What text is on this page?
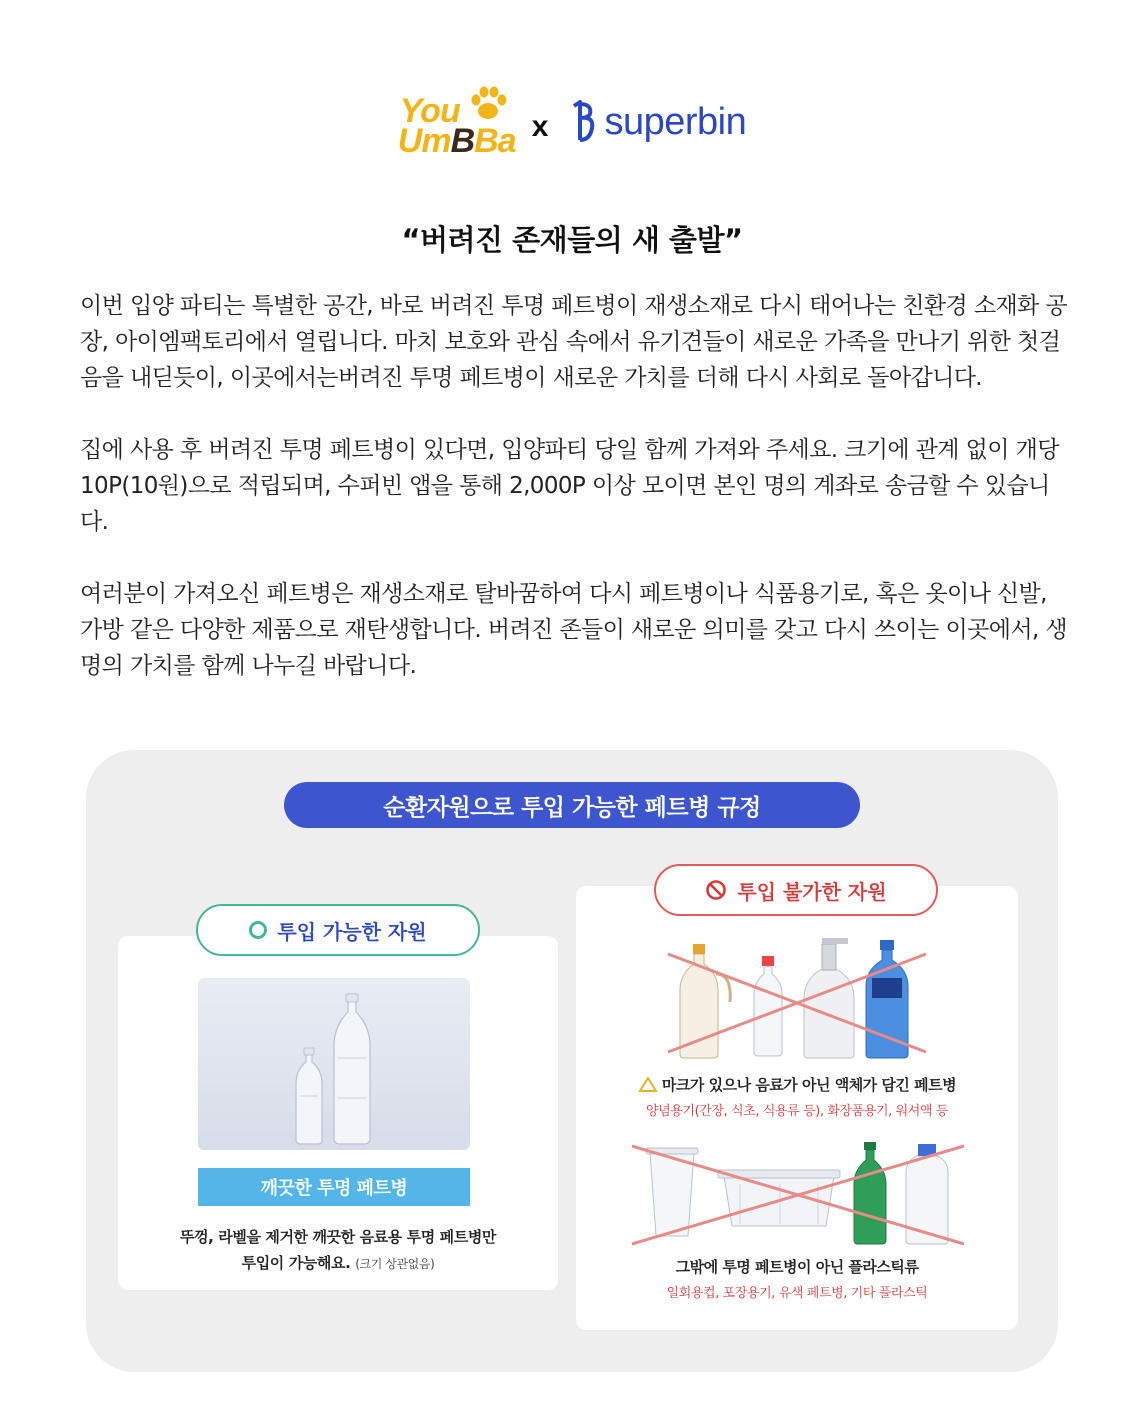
You
UmBBa x superbin
“버려진 존재들의 새 출발”

이번 입양 파티는 특별한 공간, 바로 버려진 투명 페트병이 재생소재로 다시 태어나는 친환경 소재화 공장, 아이엠팩토리에서 열립니다. 마치 보호와 관심 속에서 유기견들이 새로운 가족을 만나기 위한 첫걸음을 내딛듯이, 이곳에서는버려진 투명 페트병이 새로운 가치를 더해 다시 사회로 돌아갑니다.

집에 사용 후 버려진 투명 페트병이 있다면, 입양파티 당일 함께 가져와 주세요. 크기에 관계 없이 개당 10P(10원)으로 적립되며, 수퍼빈 앱을 통해 2,000P 이상 모이면 본인 명의 계좌로 송금할 수 있습니다.

여러분이 가져오신 페트병은 재생소재로 탈바꿈하여 다시 페트병이나 식품용기로, 혹은 옷이나 신발, 가방 같은 다양한 제품으로 재탄생합니다. 버려진 존들이 새로운 의미를 갖고 다시 쓰이는 이곳에서, 생명의 가치를 함께 나누길 바랍니다.

순환자원으로 투입 가능한 페트병 규정
깨끗한 투명 페트병
뚜껑, 라벨을 제거한 깨끗한 음료용 투명 페트병만
투입이 가능해요. (크기 상관없음)
투입 가능한 자원
마크가 있으나 음료가 아닌 액체가 담긴 페트병
양념용기(간장, 식초, 식용류 등), 화장품용기, 워셔액 등
그밖에 투명 페트병이 아닌 플라스틱류
일회용컵, 포장용기, 유색 페트병, 기타 플라스틱
투입 불가한 자원
